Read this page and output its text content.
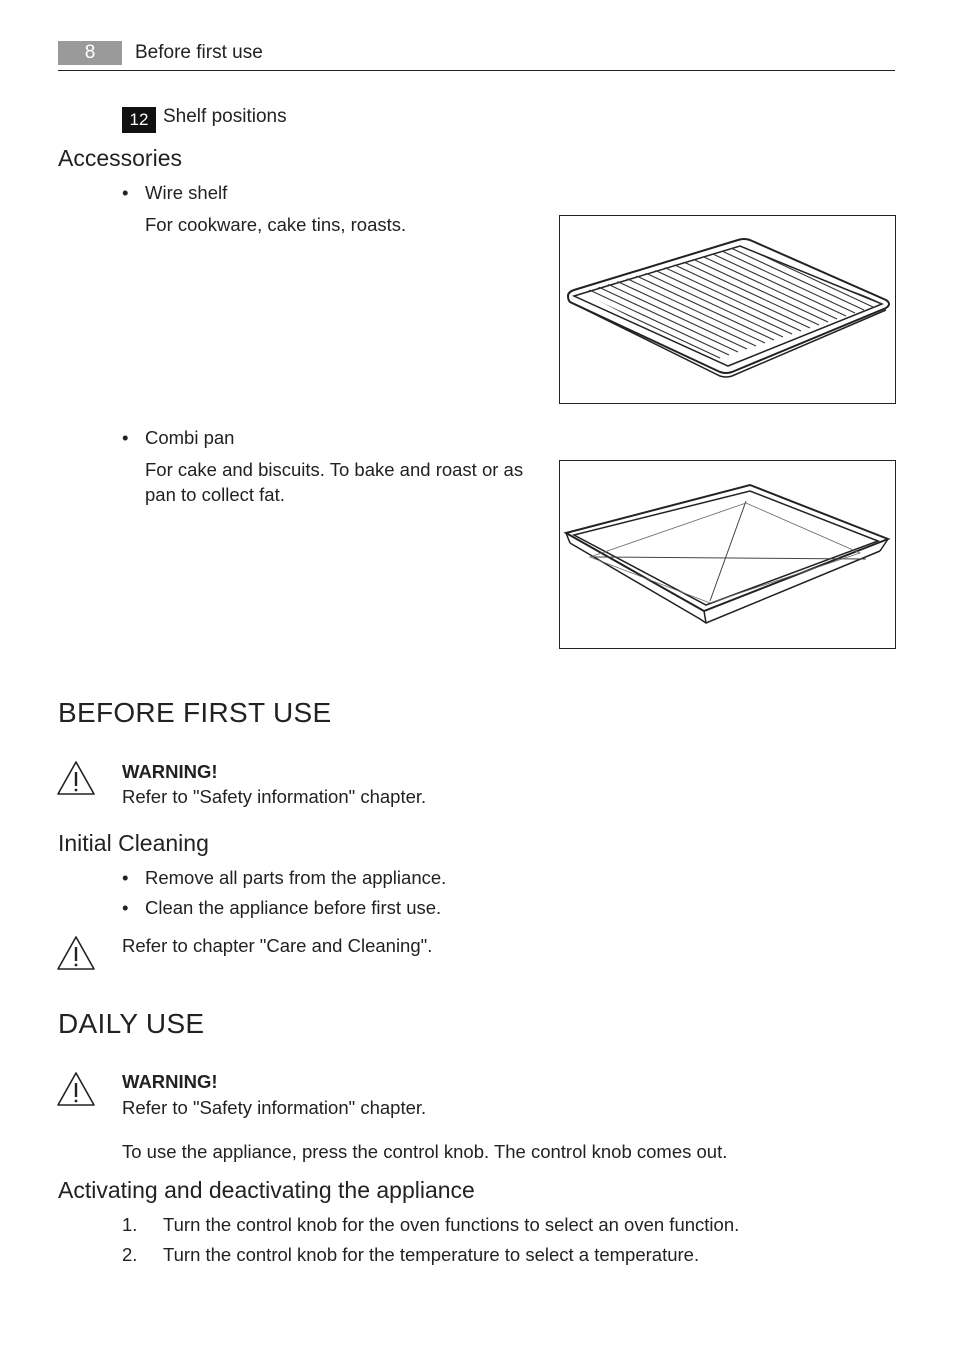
8	Before first use
12 Shelf positions
Accessories
• Wire shelf
For cookware, cake tins, roasts.
• Combi pan
For cake and biscuits. To bake and roast or as
pan to collect fat.
BEFORE FIRST USE
WARNING!
Refer to "Safety information" chapter.
Initial Cleaning
• Remove all parts from the appliance.
• Clean the appliance before first use.
Refer to chapter "Care and Cleaning".
DAILY USE
WARNING!
Refer to "Safety information" chapter.
To use the appliance, press the control knob. The control knob comes out.
Activating and deactivating the appliance
1. Turn the control knob for the oven functions to select an oven function.
2. Turn the control knob for the temperature to select a temperature.
